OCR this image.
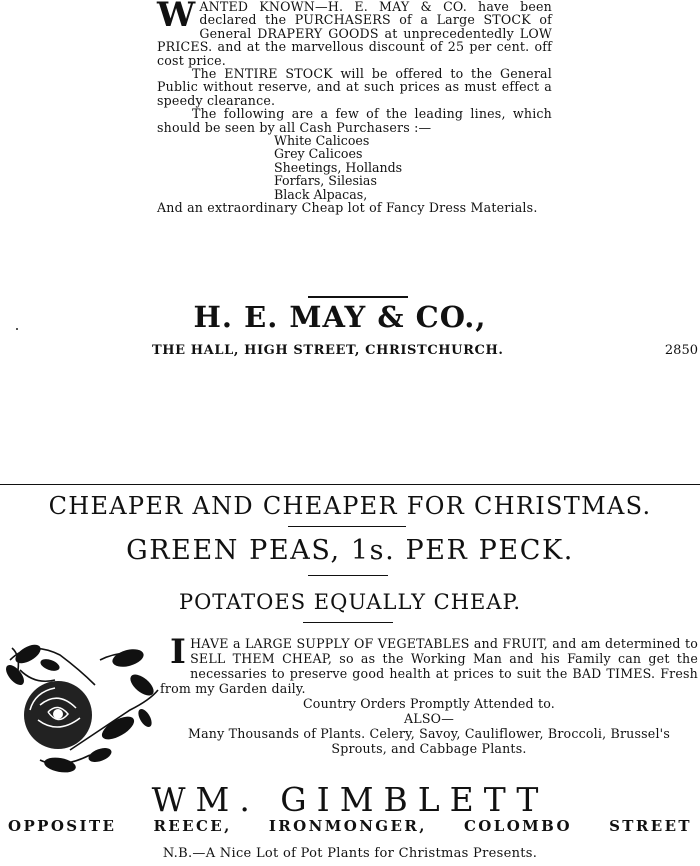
WANTED KNOWN—H. E. MAY & CO. have been declared the PURCHASERS of a Large STOCK of General DRAPERY GOODS at unprecedentedly LOW PRICES. and at the marvellous discount of 25 per cent. off cost price.

The ENTIRE STOCK will be offered to the General Public without reserve, and at such prices as must effect a speedy clearance.

The following are a few of the leading lines, which should be seen by all Cash Purchasers :—

White Calicoes
Grey Calicoes
Sheetings, Hollands
Forfars, Silesias
Black Alpacas,

And an extraordinary Cheap lot of Fancy Dress Materials.

H. E. MAY & CO.,
THE HALL, HIGH STREET, CHRISTCHURCH.	2850
CHEAPER AND CHEAPER FOR CHRISTMAS.
GREEN PEAS, 1s. PER PECK.
POTATOES EQUALLY CHEAP.

IHAVE a LARGE SUPPLY OF VEGETABLES and FRUIT, and am determined to SELL THEM CHEAP, so as the Working Man and his Family can get the necessaries to preserve good health at prices to suit the BAD TIMES. Fresh from my Garden daily.

Country Orders Promptly Attended to.

ALSO—

Many Thousands of Plants. Celery, Savoy, Cauliflower, Broccoli, Brussel's Sprouts, and Cabbage Plants.

WM. GIMBLETT
OPPOSITE REECE, IRONMONGER, COLOMBO STREET
N.B.—A Nice Lot of Pot Plants for Christmas Presents.
